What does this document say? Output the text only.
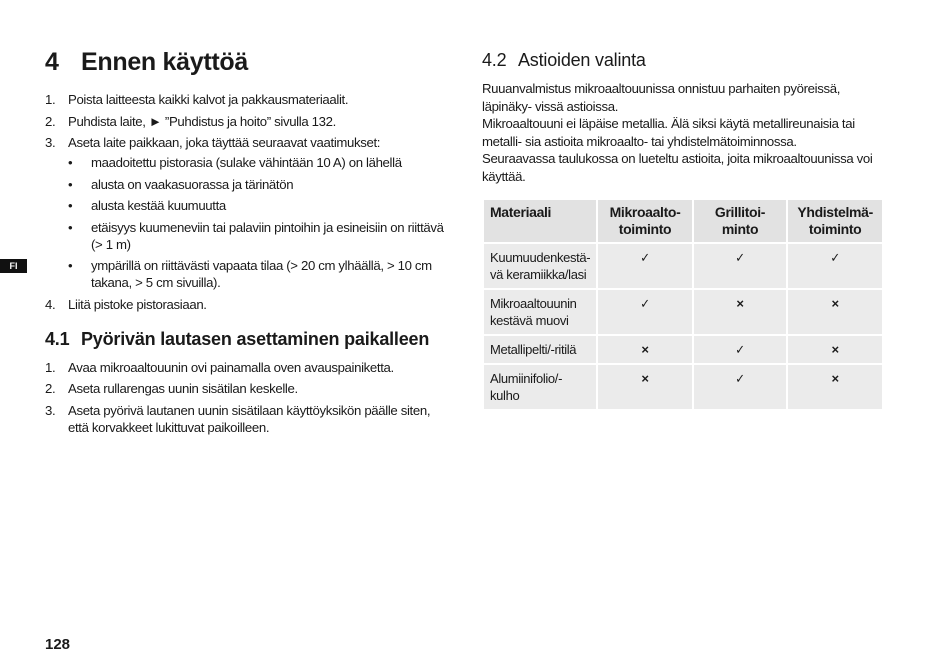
FI
4 Ennen käyttöä
1. Poista laitteesta kaikki kalvot ja pakkausmateriaalit.
2. Puhdista laite, ► ”Puhdistus ja hoito” sivulla 132.
3. Aseta laite paikkaan, joka täyttää seuraavat vaatimukset:
•	maadoitettu pistorasia (sulake vähintään 10 A) on lähellä
•	alusta on vaakasuorassa ja tärinätön
•	alusta kestää kuumuutta
•	etäisyys kuumeneviin tai palaviin pintoihin ja esineisiin on riittävä (> 1 m)
•	ympärillä on riittävästi vapaata tilaa (> 20 cm ylhäällä, > 10 cm takana, > 5 cm sivuilla).
4. Liitä pistoke pistorasiaan.
4.1 Pyörivän lautasen asettaminen paikalleen
1. Avaa mikroaaltouunin ovi painamalla oven avauspainiketta.
2. Aseta rullarengas uunin sisätilan keskelle.
3. Aseta pyörivä lautanen uunin sisätilaan käyttöyksikön päälle siten, että korvakkeet lukittuvat paikoilleen.
4.2 Astioiden valinta

Ruuanvalmistus mikroaaltouunissa onnistuu parhaiten pyöreissä, läpinäky- vissä astioissa.

Mikroaaltouuni ei läpäise metallia. Älä siksi käytä metallireunaisia tai metalli- sia astioita mikroaalto- tai yhdistelmätoiminnossa.

Seuraavassa taulukossa on lueteltu astioita, joita mikroaaltouunissa voi käyttää.

Materiaali	Mikroaalto- toiminto	Grillitoi- minto	Yhdistelmä- toiminto
Kuumuudenkestä- vä keramiikka/lasi	✓	✓	✓
Mikroaaltouunin kestävä muovi	✓	×	×
Metallipelti/-ritilä	×	✓	×
Alumiinifolio/-kulho	×	✓	×
128
